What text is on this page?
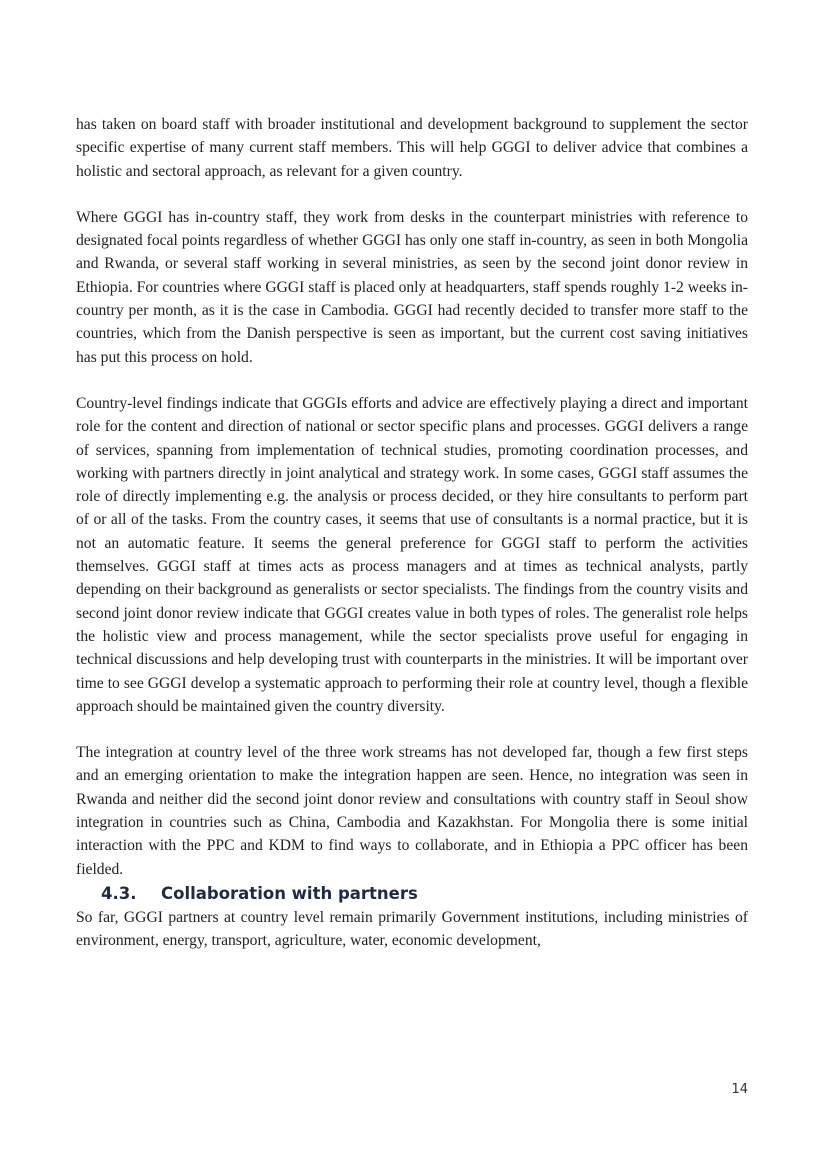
has taken on board staff with broader institutional and development background to supplement the sector specific expertise of many current staff members. This will help GGGI to deliver advice that combines a holistic and sectoral approach, as relevant for a given country.

Where GGGI has in-country staff, they work from desks in the counterpart ministries with reference to designated focal points regardless of whether GGGI has only one staff in-country, as seen in both Mongolia and Rwanda, or several staff working in several ministries, as seen by the second joint donor review in Ethiopia. For countries where GGGI staff is placed only at headquarters, staff spends roughly 1-2 weeks in-country per month, as it is the case in Cambodia. GGGI had recently decided to transfer more staff to the countries, which from the Danish perspective is seen as important, but the current cost saving initiatives has put this process on hold.

Country-level findings indicate that GGGIs efforts and advice are effectively playing a direct and important role for the content and direction of national or sector specific plans and processes. GGGI delivers a range of services, spanning from implementation of technical studies, promoting coordination processes, and working with partners directly in joint analytical and strategy work. In some cases, GGGI staff assumes the role of directly implementing e.g. the analysis or process decided, or they hire consultants to perform part of or all of the tasks. From the country cases, it seems that use of consultants is a normal practice, but it is not an automatic feature. It seems the general preference for GGGI staff to perform the activities themselves. GGGI staff at times acts as process managers and at times as technical analysts, partly depending on their background as generalists or sector specialists. The findings from the country visits and second joint donor review indicate that GGGI creates value in both types of roles. The generalist role helps the holistic view and process management, while the sector specialists prove useful for engaging in technical discussions and help developing trust with counterparts in the ministries. It will be important over time to see GGGI develop a systematic approach to performing their role at country level, though a flexible approach should be maintained given the country diversity.

The integration at country level of the three work streams has not developed far, though a few first steps and an emerging orientation to make the integration happen are seen. Hence, no integration was seen in Rwanda and neither did the second joint donor review and consultations with country staff in Seoul show integration in countries such as China, Cambodia and Kazakhstan. For Mongolia there is some initial interaction with the PPC and KDM to find ways to collaborate, and in Ethiopia a PPC officer has been fielded.

4.3.	Collaboration with partners

So far, GGGI partners at country level remain primarily Government institutions, including ministries of environment, energy, transport, agriculture, water, economic development,

14
